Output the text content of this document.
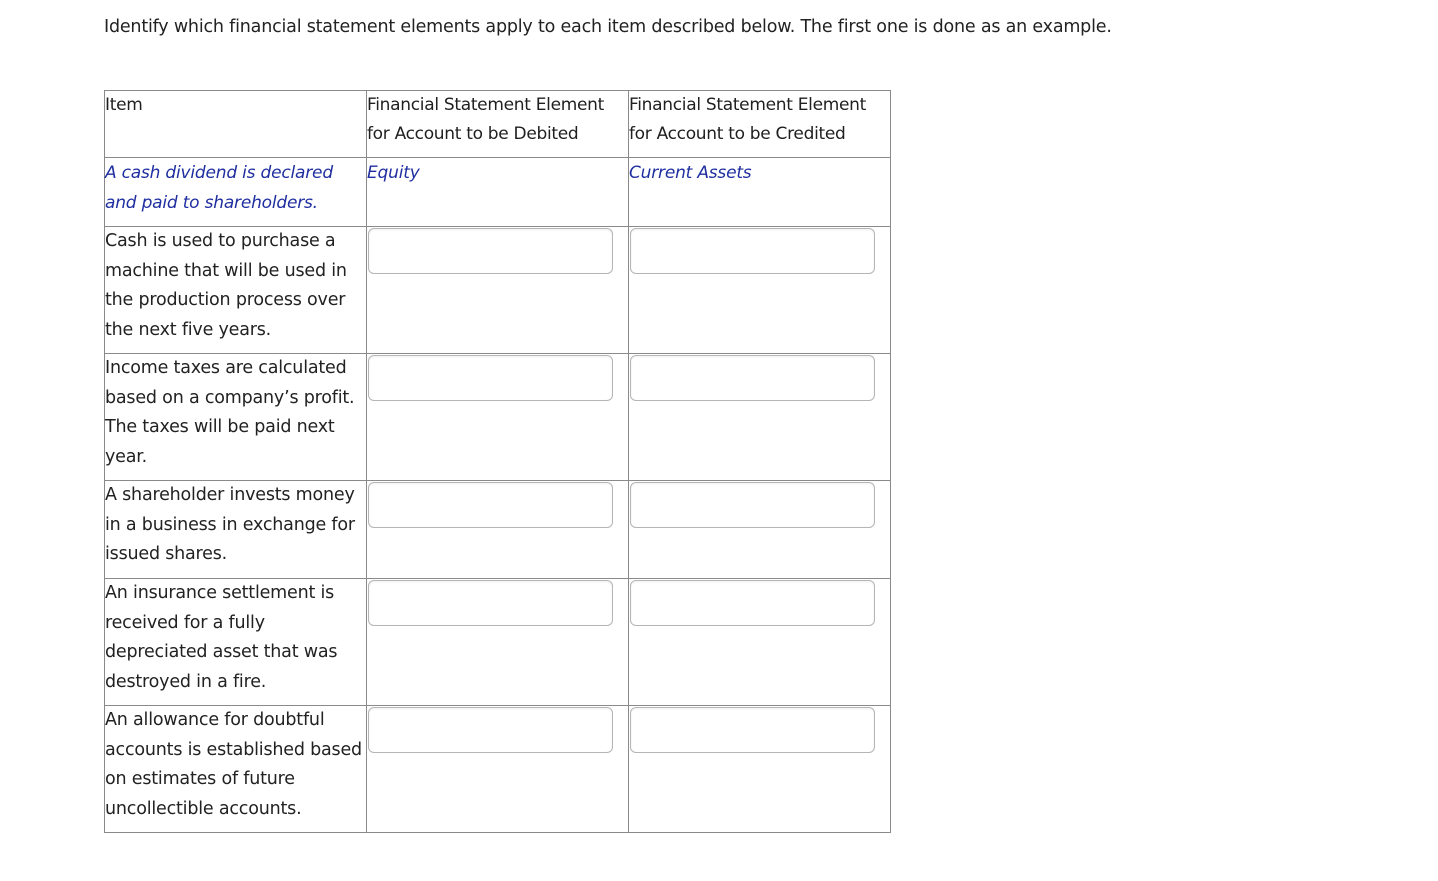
Identify which financial statement elements apply to each item described below. The first one is done as an example.
Item	Financial Statement Element for Account to be Debited	Financial Statement Element for Account to be Credited
A cash dividend is declared and paid to shareholders.	Equity	Current Assets
Cash is used to purchase a machine that will be used in the production process over the next five years.	

Income taxes are calculated based on a company’s profit. The taxes will be paid next year.	

A shareholder invests money in a business in exchange for issued shares.	

An insurance settlement is received for a fully depreciated asset that was destroyed in a fire.	

An allowance for doubtful accounts is established based on estimates of future uncollectible accounts.	
